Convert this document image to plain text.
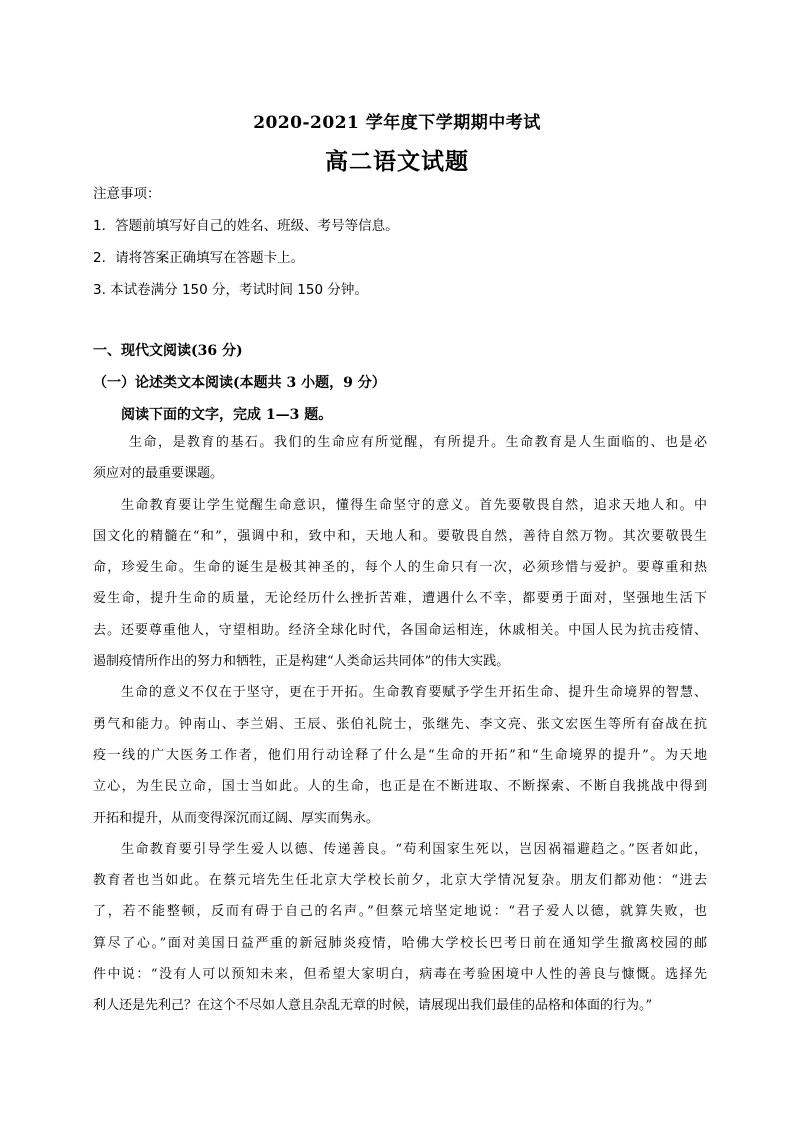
2020-2021 学年度下学期期中考试
高二语文试题
注意事项：
1．答题前填写好自己的姓名、班级、考号等信息。
2．请将答案正确填写在答题卡上。
3. 本试卷满分 150 分，考试时间 150 分钟。
一、现代文阅读(36 分)
（一）论述类文本阅读(本题共 3 小题，9 分）
阅读下面的文字，完成 1—3 题。
生命，是教育的基石。我们的生命应有所觉醒，有所提升。生命教育是人生面临的、也是必
须应对的最重要课题。
生命教育要让学生觉醒生命意识，懂得生命坚守的意义。首先要敬畏自然，追求天地人和。中
国文化的精髓在“和”，强调中和，致中和，天地人和。要敬畏自然，善待自然万物。其次要敬畏生
命，珍爱生命。生命的诞生是极其神圣的，每个人的生命只有一次，必须珍惜与爱护。要尊重和热
爱生命，提升生命的质量，无论经历什么挫折苦难，遭遇什么不幸，都要勇于面对，坚强地生活下
去。还要尊重他人，守望相助。经济全球化时代，各国命运相连，休戚相关。中国人民为抗击疫情、
遏制疫情所作出的努力和牺牲，正是构建“人类命运共同体”的伟大实践。
生命的意义不仅在于坚守，更在于开拓。生命教育要赋予学生开拓生命、提升生命境界的智慧、
勇气和能力。钟南山、李兰娟、王辰、张伯礼院士，张继先、李文亮、张文宏医生等所有奋战在抗
疫一线的广大医务工作者，他们用行动诠释了什么是“生命的开拓”和“生命境界的提升”。为天地
立心，为生民立命，国士当如此。人的生命，也正是在不断进取、不断探索、不断自我挑战中得到
开拓和提升，从而变得深沉而辽阔、厚实而隽永。
生命教育要引导学生爱人以德、传递善良。“苟利国家生死以，岂因祸福避趋之。”医者如此，
教育者也当如此。在蔡元培先生任北京大学校长前夕，北京大学情况复杂。朋友们都劝他：“进去
了，若不能整顿，反而有碍于自己的名声。”但蔡元培坚定地说：“君子爱人以德，就算失败，也
算尽了心。”面对美国日益严重的新冠肺炎疫情，哈佛大学校长巴考日前在通知学生撤离校园的邮
件中说：“没有人可以预知未来，但希望大家明白，病毒在考验困境中人性的善良与慷慨。选择先
利人还是先利己？在这个不尽如人意且杂乱无章的时候，请展现出我们最佳的品格和体面的行为。”
